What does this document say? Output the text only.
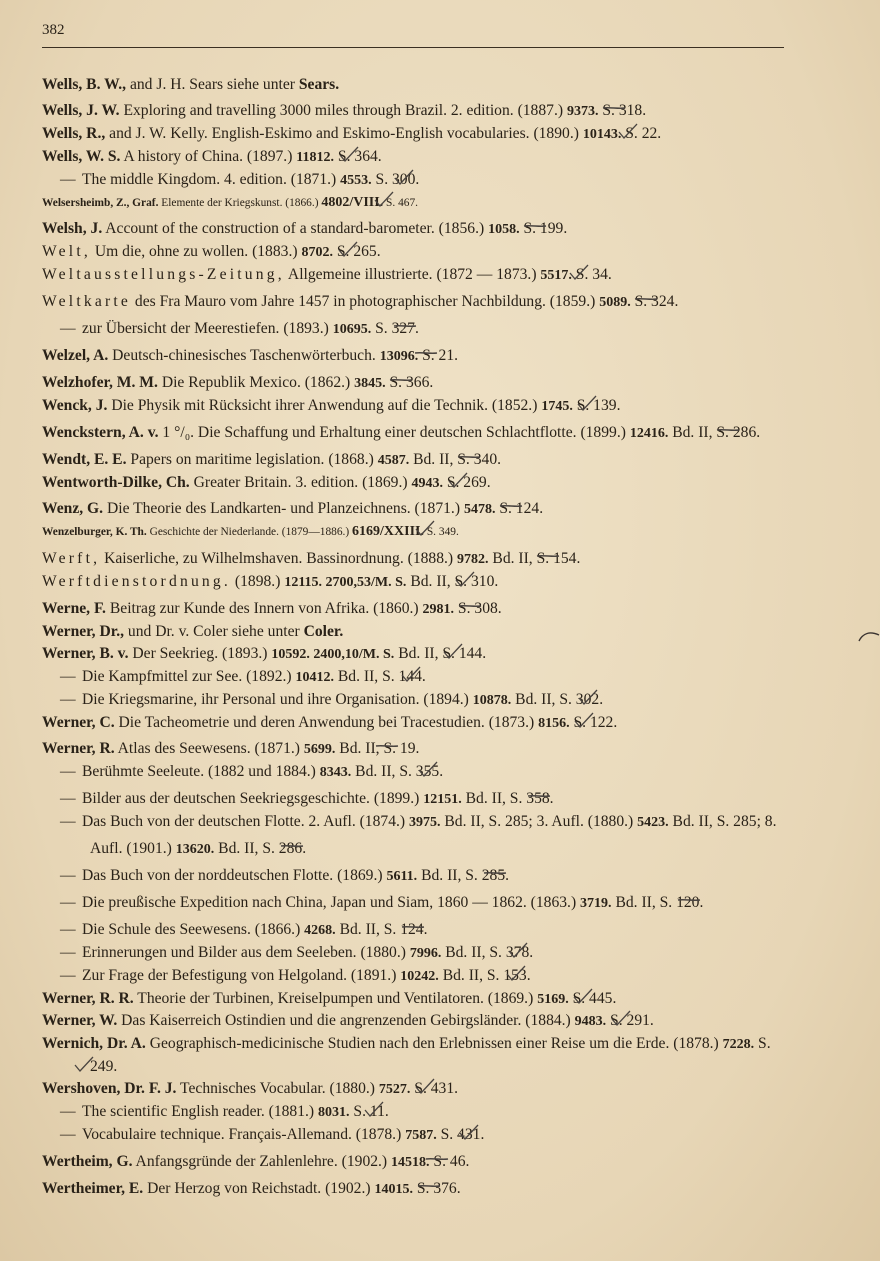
382
Wells, B. W., and J. H. Sears siehe unter Sears.
Wells, J. W. Exploring and travelling 3000 miles through Brazil. 2. edition. (1887.) 9373. S. 318.
Wells, R., and J. W. Kelly. English-Eskimo and Eskimo-English vocabularies. (1890.) 10143. S. 22.
Wells, W. S. A history of China. (1897.) 11812. S. 364.
— The middle Kingdom. 4. edition. (1871.) 4553. S. 300.
Welsersheimb, Z., Graf. Elemente der Kriegskunst. (1866.) 4802/VIII. S. 467.
Welsh, J. Account of the construction of a standard-barometer. (1856.) 1058. S. 199.
Welt, Um die, ohne zu wollen. (1883.) 8702. S. 265.
Weltausstellungs-Zeitung, Allgemeine illustrierte. (1872 — 1873.) 5517. S. 34.
Weltkarte des Fra Mauro vom Jahre 1457 in photographischer Nachbildung. (1859.) 5089. S. 324.
— zur Übersicht der Meerestiefen. (1893.) 10695. S. 327.
Welzel, A. Deutsch-chinesisches Taschenwörterbuch. 13096. S. 21.
Welzhofer, M. M. Die Republik Mexico. (1862.) 3845. S. 366.
Wenck, J. Die Physik mit Rücksicht ihrer Anwendung auf die Technik. (1852.) 1745. S. 139.
Wenckstern, A. v. 1 °/₀. Die Schaffung und Erhaltung einer deutschen Schlachtflotte. (1899.) 12416. Bd. II, S. 286.
Wendt, E. E. Papers on maritime legislation. (1868.) 4587. Bd. II, S. 340.
Wentworth-Dilke, Ch. Greater Britain. 3. edition. (1869.) 4943. S. 269.
Wenz, G. Die Theorie des Landkarten- und Planzeichnens. (1871.) 5478. S. 124.
Wenzelburger, K. Th. Geschichte der Niederlande. (1879—1886.) 6169/XXIII. S. 349.
Werft, Kaiserliche, zu Wilhelmshaven. Bassinordnung. (1888.) 9782. Bd. II, S. 154.
Werftdienstordnung. (1898.) 12115. 2700,53/M. S. Bd. II, S. 310.
Werne, F. Beitrag zur Kunde des Innern von Afrika. (1860.) 2981. S. 308.
Werner, Dr., und Dr. v. Coler siehe unter Coler.
Werner, B. v. Der Seekrieg. (1893.) 10592. 2400,10/M. S. Bd. II, S. 144.
— Die Kampfmittel zur See. (1892.) 10412. Bd. II, S. 144.
— Die Kriegsmarine, ihr Personal und ihre Organisation. (1894.) 10878. Bd. II, S. 302.
Werner, C. Die Tacheometrie und deren Anwendung bei Tracestudien. (1873.) 8156. S. 122.
Werner, R. Atlas des Seewesens. (1871.) 5699. Bd. II, S. 19.
— Berühmte Seeleute. (1882 und 1884.) 8343. Bd. II, S. 355.
— Bilder aus der deutschen Seekriegsgeschichte. (1899.) 12151. Bd. II, S. 358.
— Das Buch von der deutschen Flotte. 2. Aufl. (1874.) 3975. Bd. II, S. 285; 3. Aufl. (1880.) 5423. Bd. II, S. 285; 8. Aufl. (1901.) 13620. Bd. II, S. 286.
— Das Buch von der norddeutschen Flotte. (1869.) 5611. Bd. II, S. 285.
— Die preußische Expedition nach China, Japan und Siam, 1860 — 1862. (1863.) 3719. Bd. II, S. 120.
— Die Schule des Seewesens. (1866.) 4268. Bd. II, S. 124.
— Erinnerungen und Bilder aus dem Seeleben. (1880.) 7996. Bd. II, S. 378.
— Zur Frage der Befestigung von Helgoland. (1891.) 10242. Bd. II, S. 153.
Werner, R. R. Theorie der Turbinen, Kreiselpumpen und Ventilatoren. (1869.) 5169. S. 445.
Werner, W. Das Kaiserreich Ostindien und die angrenzenden Gebirgsländer. (1884.) 9483. S. 291.
Wernich, Dr. A. Geographisch-medicinische Studien nach den Erlebnissen einer Reise um die Erde. (1878.) 7228. S. 249.
Wershoven, Dr. F. J. Technisches Vocabular. (1880.) 7527. S. 431.
— The scientific English reader. (1881.) 8031. S. 11.
— Vocabulaire technique. Français-Allemand. (1878.) 7587. S. 431.
Wertheim, G. Anfangsgründe der Zahlenlehre. (1902.) 14518. S. 46.
Wertheimer, E. Der Herzog von Reichstadt. (1902.) 14015. S. 376.
